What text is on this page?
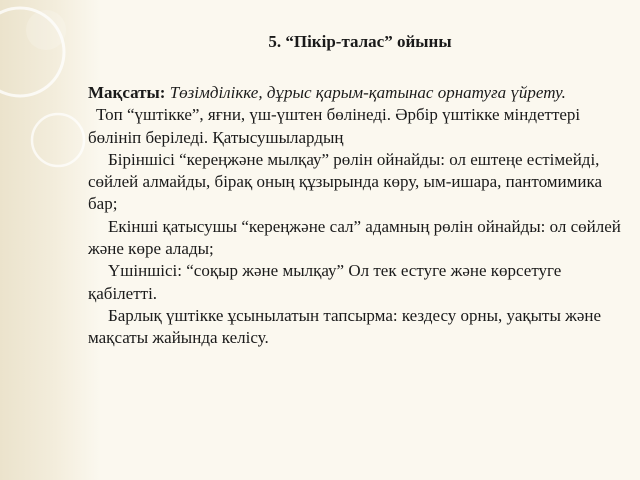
5. “Пікір-талас” ойыны

Мақсаты: Төзімділікке, дұрыс қарым-қатынас орнатуға үйрету.

Топ “үштікке”, яғни, үш-үштен бөлінеді. Әрбір үштікке міндеттері бөлініп беріледі. Қатысушылардың

Біріншісі “кереңжәне мылқау” рөлін ойнайды: ол ештеңе естімейді, сөйлей алмайды, бірақ оның құзырында көру, ым-ишара, пантомимика бар;

Екінші қатысушы “кереңжәне сал” адамның рөлін ойнайды: ол сөйлей және көре алады;

Үшіншісі: “соқыр және мылқау” Ол тек естуге және көрсетуге қабілетті.

Барлық үштікке ұсынылатын тапсырма: кездесу орны, уақыты және мақсаты жайында келісу.
